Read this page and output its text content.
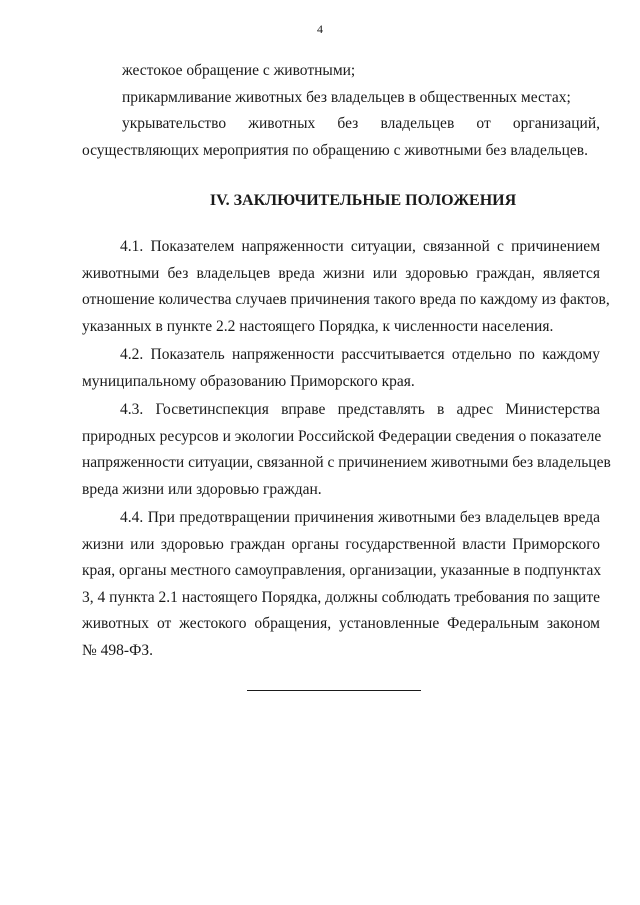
4
жестокое обращение с животными;
прикармливание животных без владельцев в общественных местах;
укрывательство животных без владельцев от организаций,
осуществляющих мероприятия по обращению с животными без владельцев.
IV. ЗАКЛЮЧИТЕЛЬНЫЕ ПОЛОЖЕНИЯ
4.1. Показателем напряженности ситуации, связанной с причинением
животными без владельцев вреда жизни или здоровью граждан, является
отношение количества случаев причинения такого вреда по каждому из фактов,
указанных в пункте 2.2 настоящего Порядка, к численности населения.
4.2. Показатель напряженности рассчитывается отдельно по каждому
муниципальному образованию Приморского края.
4.3. Госветинспекция вправе представлять в адрес Министерства
природных ресурсов и экологии Российской Федерации сведения о показателе
напряженности ситуации, связанной с причинением животными без владельцев
вреда жизни или здоровью граждан.
4.4. При предотвращении причинения животными без владельцев вреда
жизни или здоровью граждан органы государственной власти Приморского
края, органы местного самоуправления, организации, указанные в подпунктах
3, 4 пункта 2.1 настоящего Порядка, должны соблюдать требования по защите
животных от жестокого обращения, установленные Федеральным законом
№ 498-ФЗ.
